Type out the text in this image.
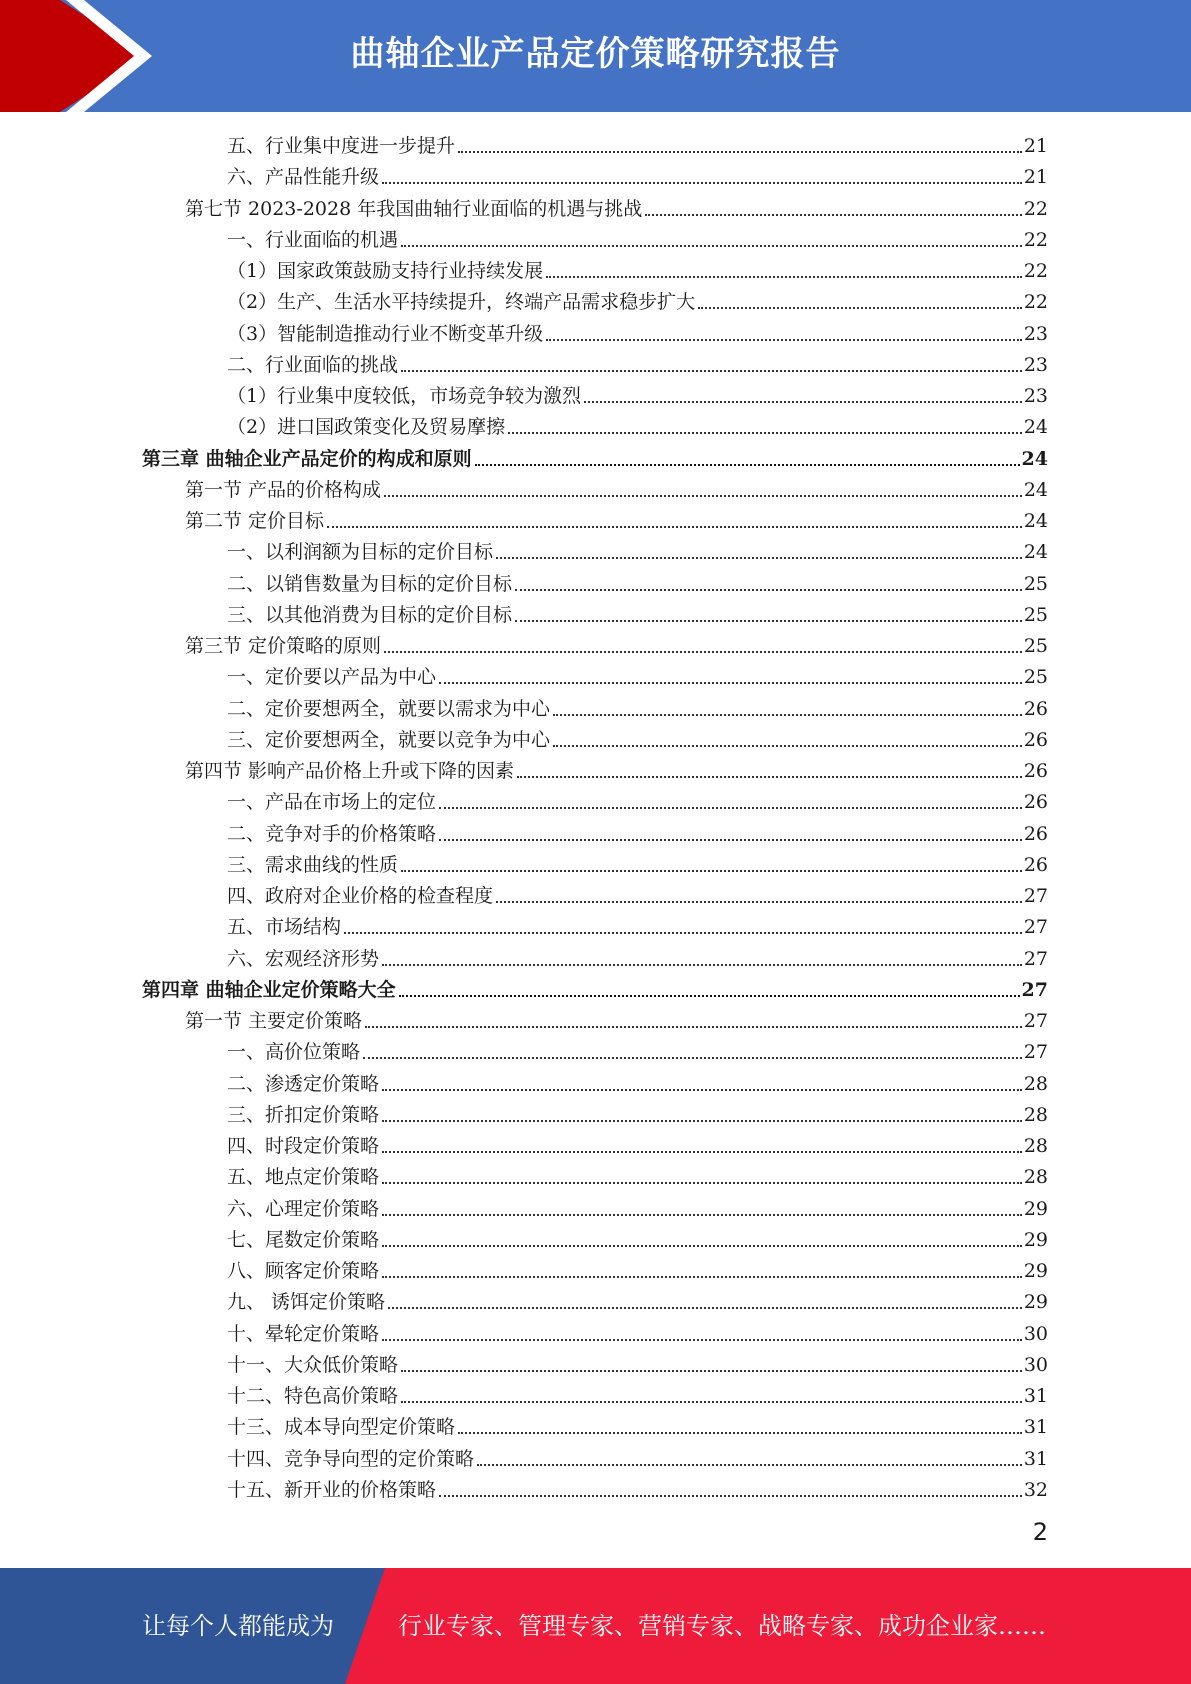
曲轴企业产品定价策略研究报告
五、行业集中度进一步提升	21
六、产品性能升级	21
第七节 2023-2028 年我国曲轴行业面临的机遇与挑战	22
一、行业面临的机遇	22
（1）国家政策鼓励支持行业持续发展	22
（2）生产、生活水平持续提升，终端产品需求稳步扩大	22
（3）智能制造推动行业不断变革升级	23
二、行业面临的挑战	23
（1）行业集中度较低，市场竞争较为激烈	23
（2）进口国政策变化及贸易摩擦	24
第三章 曲轴企业产品定价的构成和原则	24
第一节 产品的价格构成	24
第二节 定价目标	24
一、以利润额为目标的定价目标	24
二、以销售数量为目标的定价目标	25
三、以其他消费为目标的定价目标	25
第三节 定价策略的原则	25
一、定价要以产品为中心	25
二、定价要想两全，就要以需求为中心	26
三、定价要想两全，就要以竞争为中心	26
第四节 影响产品价格上升或下降的因素	26
一、产品在市场上的定位	26
二、竞争对手的价格策略	26
三、需求曲线的性质	26
四、政府对企业价格的检查程度	27
五、市场结构	27
六、宏观经济形势	27
第四章 曲轴企业定价策略大全	27
第一节 主要定价策略	27
一、高价位策略	27
二、渗透定价策略	28
三、折扣定价策略	28
四、时段定价策略	28
五、地点定价策略	28
六、心理定价策略	29
七、尾数定价策略	29
八、顾客定价策略	29
九、 诱饵定价策略	29
十、晕轮定价策略	30
十一、大众低价策略	30
十二、特色高价策略	31
十三、成本导向型定价策略	31
十四、竞争导向型的定价策略	31
十五、新开业的价格策略	32
2
让每个人都能成为	行业专家、管理专家、营销专家、战略专家、成功企业家……
